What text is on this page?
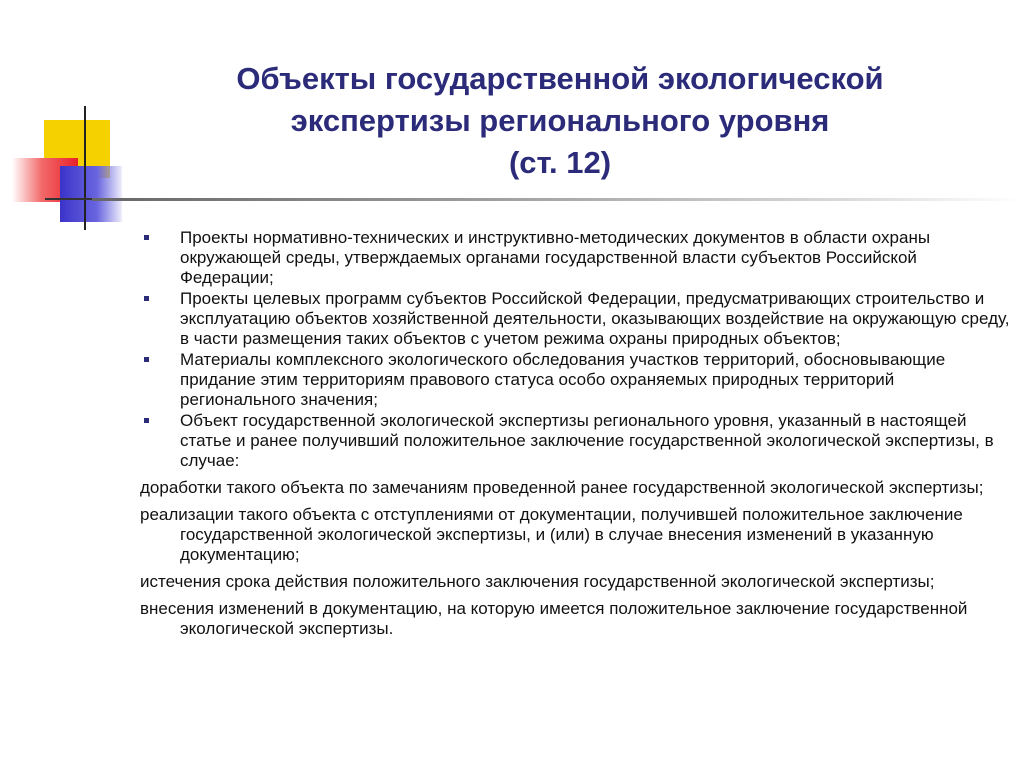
Объекты государственной экологической
экспертизы регионального уровня
(ст. 12)
Проекты нормативно-технических и инструктивно-методических документов в области охраны окружающей среды, утверждаемых органами государственной власти субъектов Российской Федерации;
Проекты целевых программ субъектов Российской Федерации, предусматривающих строительство и эксплуатацию объектов хозяйственной деятельности, оказывающих воздействие на окружающую среду, в части размещения таких объектов с учетом режима охраны природных объектов;
Материалы комплексного экологического обследования участков территорий, обосновывающие придание этим территориям правового статуса особо охраняемых природных территорий регионального значения;
Объект государственной экологической экспертизы регионального уровня, указанный в настоящей статье и ранее получивший положительное заключение государственной экологической экспертизы, в случае:
доработки такого объекта по замечаниям проведенной ранее государственной экологической экспертизы;
реализации такого объекта с отступлениями от документации, получившей положительное заключение государственной экологической экспертизы, и (или) в случае внесения изменений в указанную документацию;
истечения срока действия положительного заключения государственной экологической экспертизы;
внесения изменений в документацию, на которую имеется положительное заключение государственной экологической экспертизы.
